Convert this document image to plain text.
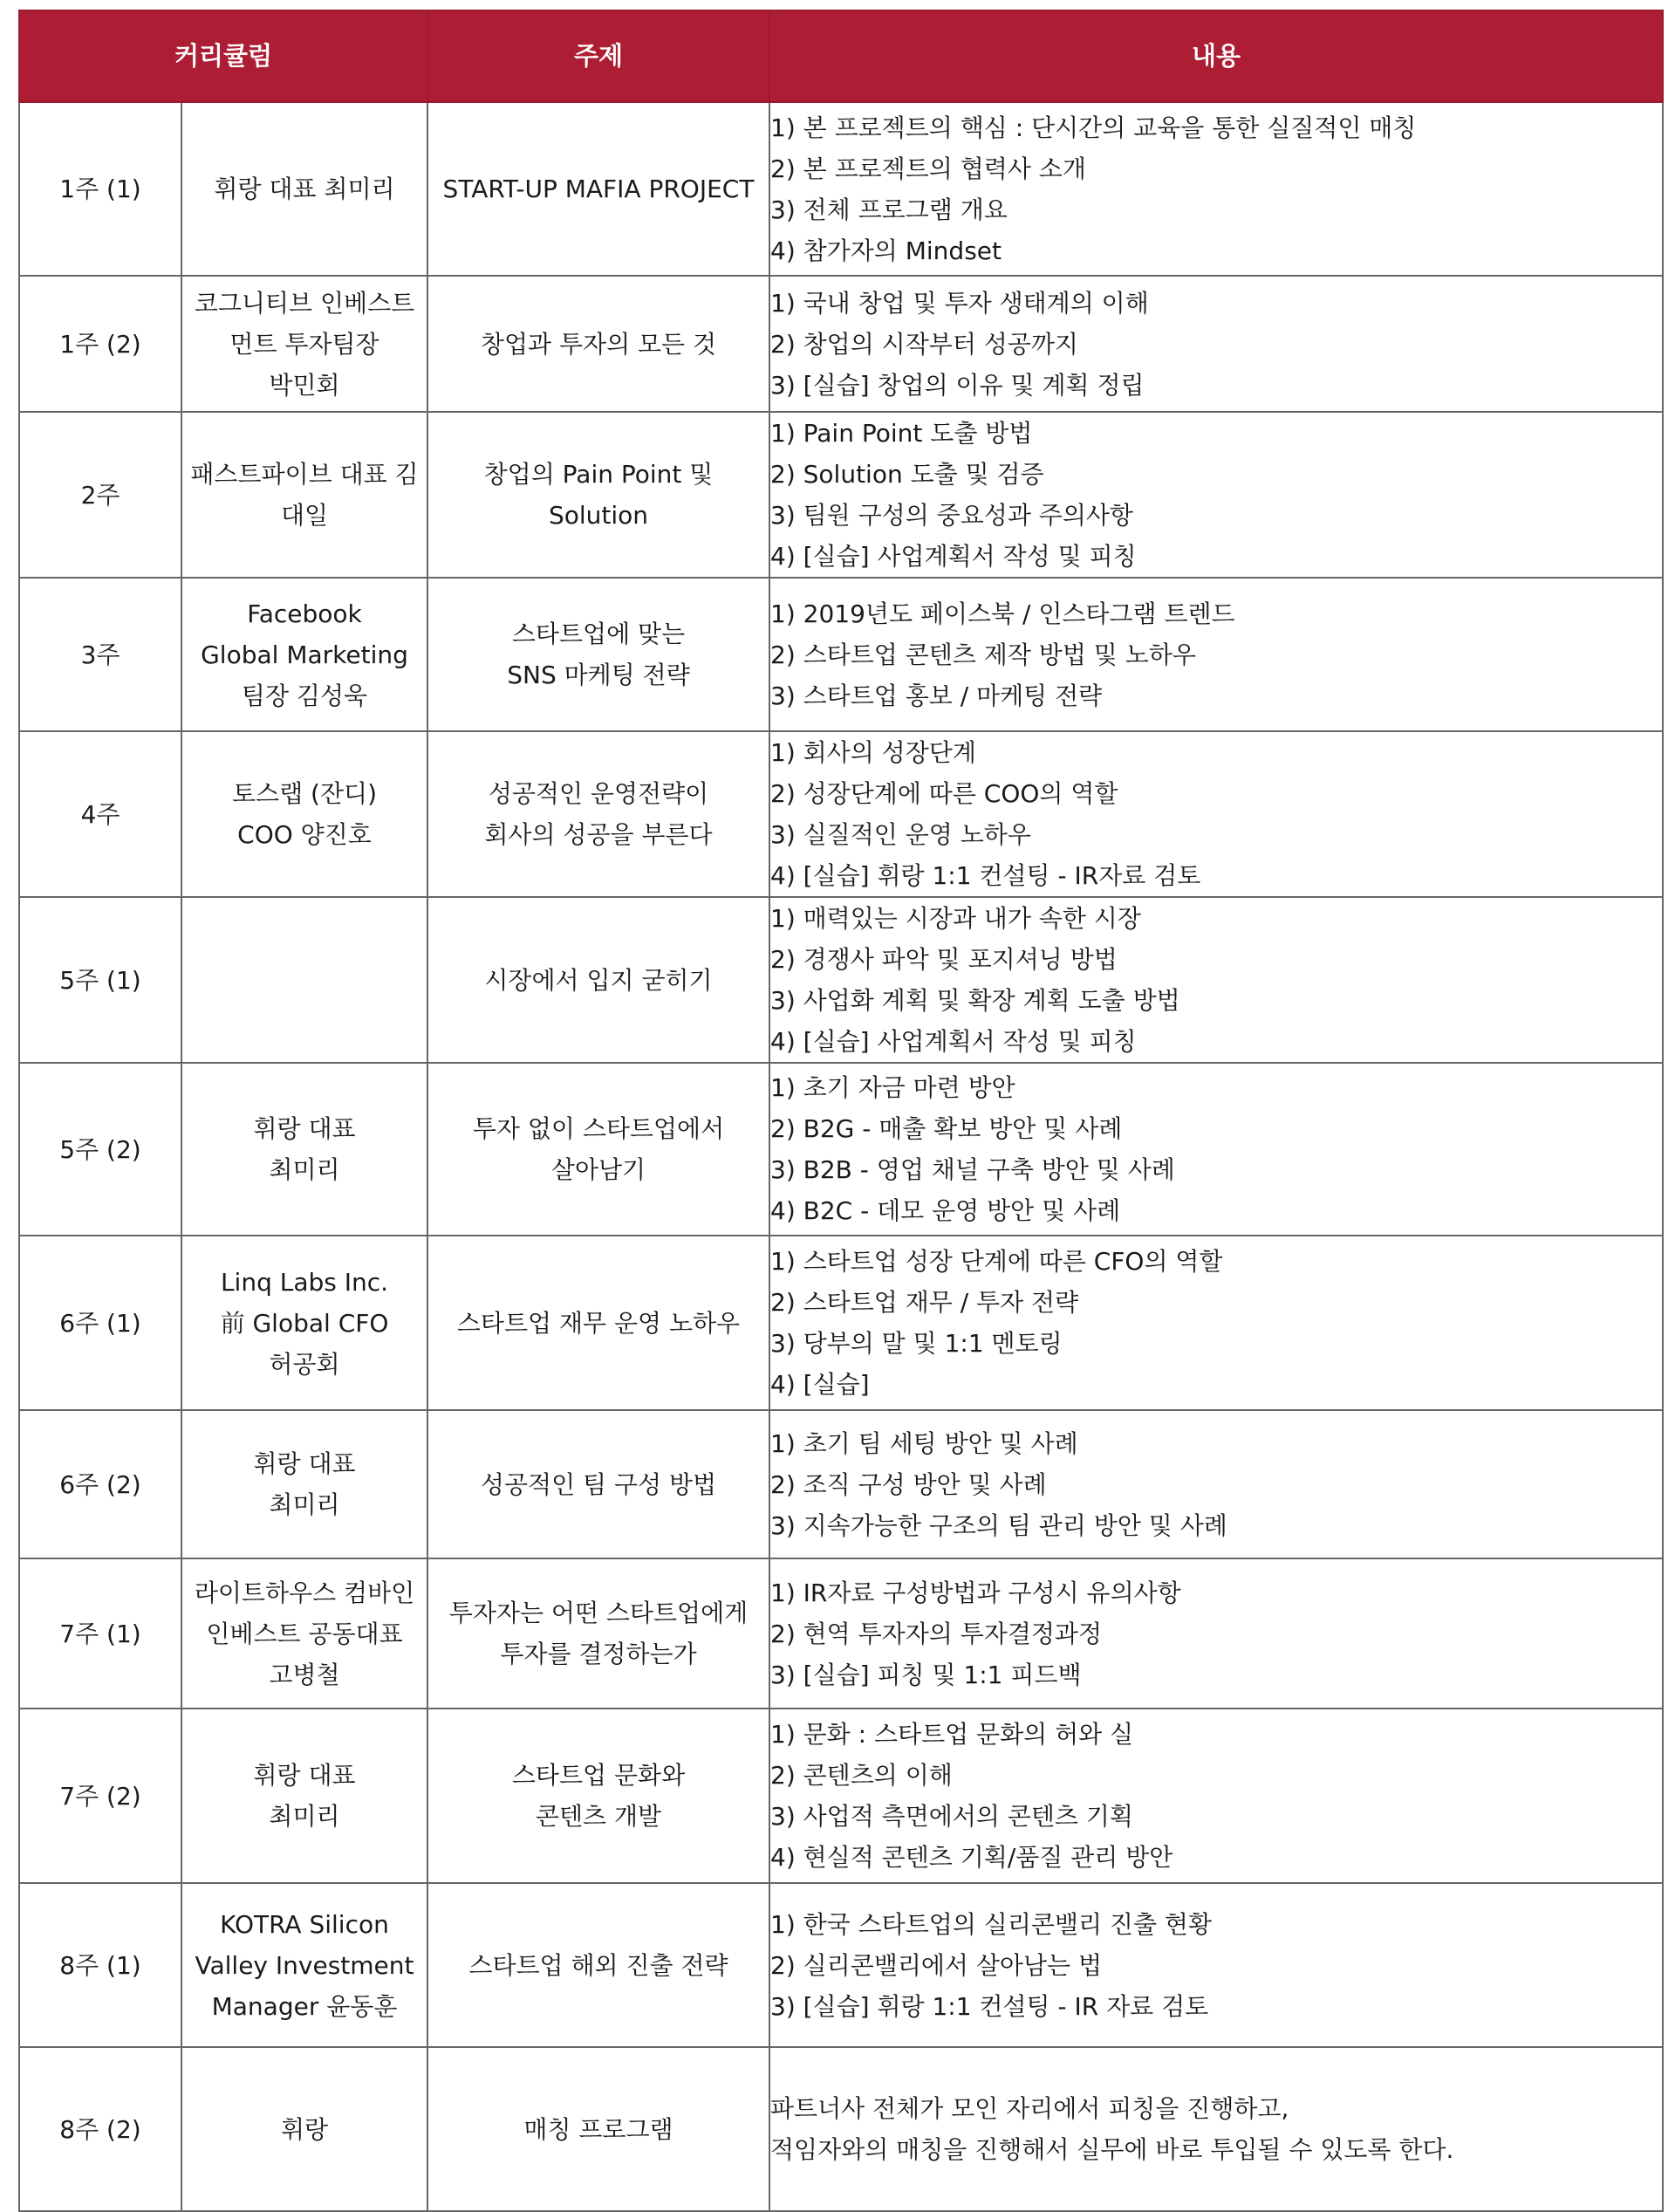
커리큘럼		주제	내용
1주 (1)	휘랑 대표 최미리	START-UP MAFIA PROJECT	1) 본 프로젝트의 핵심 : 단시간의 교육을 통한 실질적인 매칭
2) 본 프로젝트의 협력사 소개
3) 전체 프로그램 개요
4) 참가자의 Mindset

1주 (2)	코그니티브 인베스트
먼트 투자팀장
박민회	창업과 투자의 모든 것	1) 국내 창업 및 투자 생태계의 이해
2) 창업의 시작부터 성공까지
3) [실습] 창업의 이유 및 계획 정립

2주	패스트파이브 대표 김
대일	창업의 Pain Point 및
Solution	1) Pain Point 도출 방법
2) Solution 도출 및 검증
3) 팀원 구성의 중요성과 주의사항
4) [실습] 사업계획서 작성 및 피칭

3주	Facebook
Global Marketing
팀장 김성욱	스타트업에 맞는
SNS 마케팅 전략	1) 2019년도 페이스북 / 인스타그램 트렌드
2) 스타트업 콘텐츠 제작 방법 및 노하우
3) 스타트업 홍보 / 마케팅 전략

4주	토스랩 (잔디)
COO 양진호	성공적인 운영전략이
회사의 성공을 부른다	1) 회사의 성장단계
2) 성장단계에 따른 COO의 역할
3) 실질적인 운영 노하우
4) [실습] 휘랑 1:1 컨설팅 - IR자료 검토

5주 (1)		시장에서 입지 굳히기	1) 매력있는 시장과 내가 속한 시장
2) 경쟁사 파악 및 포지셔닝 방법
3) 사업화 계획 및 확장 계획 도출 방법
4) [실습] 사업계획서 작성 및 피칭

5주 (2)	휘랑 대표
최미리	투자 없이 스타트업에서
살아남기	1) 초기 자금 마련 방안
2) B2G - 매출 확보 방안 및 사례
3) B2B - 영업 채널 구축 방안 및 사례
4) B2C - 데모 운영 방안 및 사례

6주 (1)	Linq Labs Inc.
前 Global CFO
허공회	스타트업 재무 운영 노하우	1) 스타트업 성장 단계에 따른 CFO의 역할
2) 스타트업 재무 / 투자 전략
3) 당부의 말 및 1:1 멘토링
4) [실습]

6주 (2)	휘랑 대표
최미리	성공적인 팀 구성 방법	1) 초기 팀 세팅 방안 및 사례
2) 조직 구성 방안 및 사례
3) 지속가능한 구조의 팀 관리 방안 및 사례

7주 (1)	라이트하우스 컴바인
인베스트 공동대표
고병철	투자자는 어떤 스타트업에게
투자를 결정하는가	1) IR자료 구성방법과 구성시 유의사항
2) 현역 투자자의 투자결정과정
3) [실습] 피칭 및 1:1 피드백

7주 (2)	휘랑 대표
최미리	스타트업 문화와
콘텐츠 개발	1) 문화 : 스타트업 문화의 허와 실
2) 콘텐츠의 이해
3) 사업적 측면에서의 콘텐츠 기획
4) 현실적 콘텐츠 기획/품질 관리 방안

8주 (1)	KOTRA Silicon
Valley Investment
Manager 윤동훈	스타트업 해외 진출 전략	1) 한국 스타트업의 실리콘밸리 진출 현황
2) 실리콘밸리에서 살아남는 법
3) [실습] 휘랑 1:1 컨설팅 - IR 자료 검토

8주 (2)	휘랑	매칭 프로그램	파트너사 전체가 모인 자리에서 피칭을 진행하고,
적임자와의 매칭을 진행해서 실무에 바로 투입될 수 있도록 한다.
